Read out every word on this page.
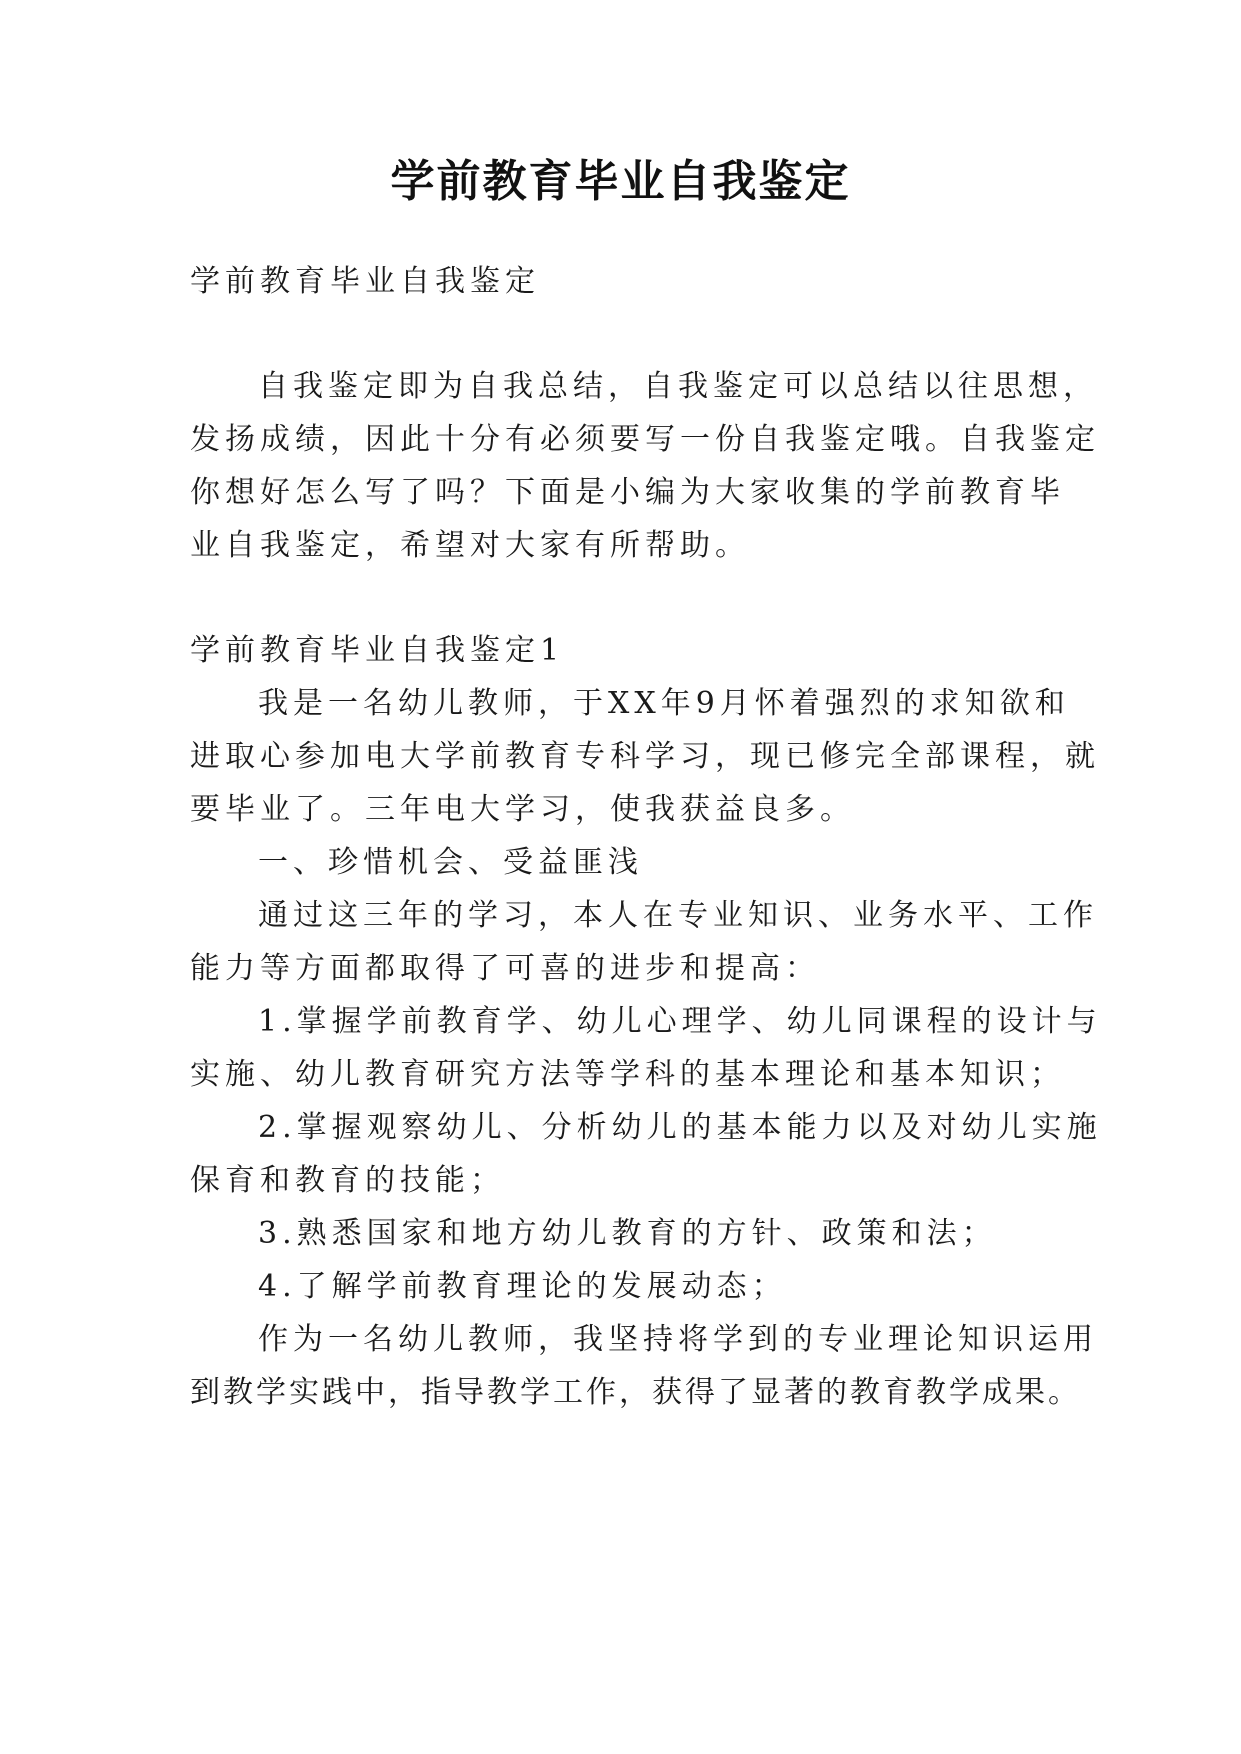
学前教育毕业自我鉴定

学前教育毕业自我鉴定

自我鉴定即为自我总结，自我鉴定可以总结以往思想，

发扬成绩，因此十分有必须要写一份自我鉴定哦。自我鉴定

你想好怎么写了吗？下面是小编为大家收集的学前教育毕

业自我鉴定，希望对大家有所帮助。

学前教育毕业自我鉴定1

我是一名幼儿教师，于XX年9月怀着强烈的求知欲和

进取心参加电大学前教育专科学习，现已修完全部课程，就

要毕业了。三年电大学习，使我获益良多。

一、珍惜机会、受益匪浅

通过这三年的学习，本人在专业知识、业务水平、工作

能力等方面都取得了可喜的进步和提高：

1.掌握学前教育学、幼儿心理学、幼儿同课程的设计与

实施、幼儿教育研究方法等学科的基本理论和基本知识；

2.掌握观察幼儿、分析幼儿的基本能力以及对幼儿实施

保育和教育的技能；

3.熟悉国家和地方幼儿教育的方针、政策和法；

4.了解学前教育理论的发展动态；

作为一名幼儿教师，我坚持将学到的专业理论知识运用

到教学实践中，指导教学工作，获得了显著的教育教学成果。
